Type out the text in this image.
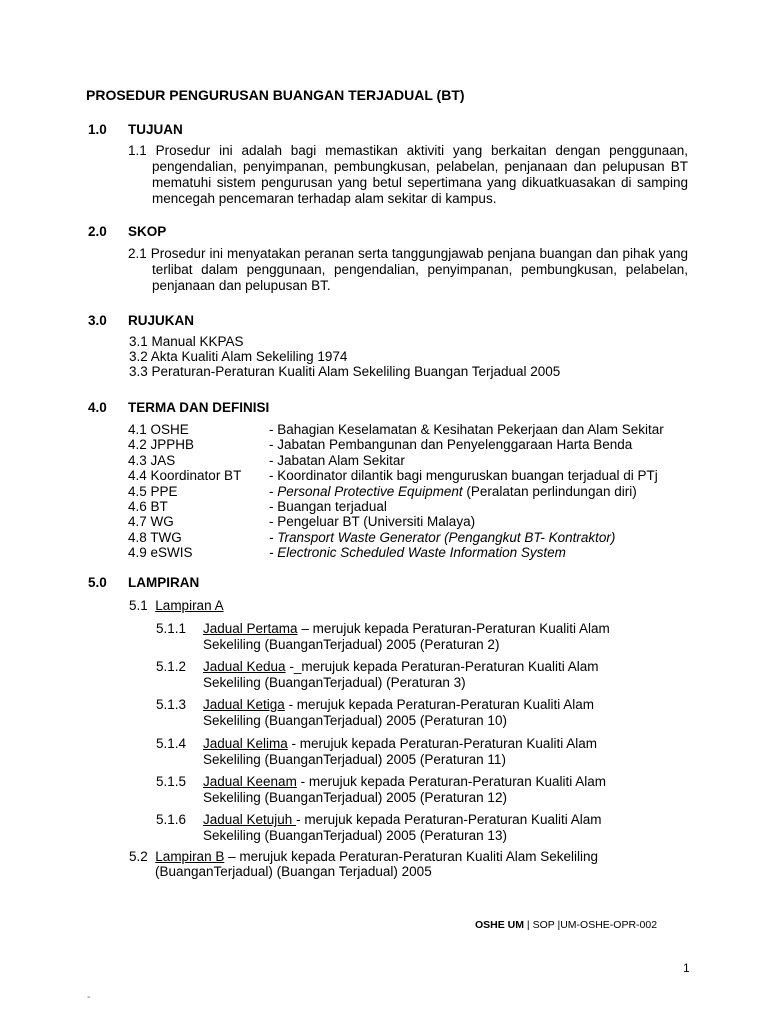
PROSEDUR PENGURUSAN BUANGAN TERJADUAL (BT)
1.0 TUJUAN
1.1 Prosedur ini adalah bagi memastikan aktiviti yang berkaitan dengan penggunaan, pengendalian, penyimpanan, pembungkusan, pelabelan, penjanaan dan pelupusan BT mematuhi sistem pengurusan yang betul sepertimana yang dikuatkuasakan di samping mencegah pencemaran terhadap alam sekitar di kampus.
2.0 SKOP
2.1 Prosedur ini menyatakan peranan serta tanggungjawab penjana buangan dan pihak yang terlibat dalam penggunaan, pengendalian, penyimpanan, pembungkusan, pelabelan, penjanaan dan pelupusan BT.
3.0 RUJUKAN
3.1 Manual KKPAS
3.2 Akta Kualiti Alam Sekeliling 1974
3.3 Peraturan-Peraturan Kualiti Alam Sekeliling Buangan Terjadual 2005
4.0 TERMA DAN DEFINISI
4.1 OSHE	- Bahagian Keselamatan & Kesihatan Pekerjaan dan Alam Sekitar
4.2 JPPHB	- Jabatan Pembangunan dan Penyelenggaraan Harta Benda
4.3 JAS	- Jabatan Alam Sekitar
4.4 Koordinator BT - Koordinator dilantik bagi menguruskan buangan terjadual di PTj
4.5 PPE	- Personal Protective Equipment (Peralatan perlindungan diri)
4.6 BT	- Buangan terjadual
4.7 WG	- Pengeluar BT (Universiti Malaya)
4.8 TWG	- Transport Waste Generator (Pengangkut BT- Kontraktor)
4.9 eSWIS	- Electronic Scheduled Waste Information System
5.0 LAMPIRAN
5.1 Lampiran A
5.1.1 Jadual Pertama – merujuk kepada Peraturan-Peraturan Kualiti Alam
Sekeliling (BuanganTerjadual) 2005 (Peraturan 2)
5.1.2 Jadual Kedua -_merujuk kepada Peraturan-Peraturan Kualiti Alam
Sekeliling (BuanganTerjadual) (Peraturan 3)
5.1.3 Jadual Ketiga - merujuk kepada Peraturan-Peraturan Kualiti Alam
Sekeliling (BuanganTerjadual) 2005 (Peraturan 10)
5.1.4 Jadual Kelima - merujuk kepada Peraturan-Peraturan Kualiti Alam
Sekeliling (BuanganTerjadual) 2005 (Peraturan 11)
5.1.5 Jadual Keenam - merujuk kepada Peraturan-Peraturan Kualiti Alam
Sekeliling (BuanganTerjadual) 2005 (Peraturan 12)
5.1.6 Jadual Ketujuh - merujuk kepada Peraturan-Peraturan Kualiti Alam
Sekeliling (BuanganTerjadual) 2005 (Peraturan 13)
5.2 Lampiran B – merujuk kepada Peraturan-Peraturan Kualiti Alam Sekeliling
(BuanganTerjadual) (Buangan Terjadual) 2005
OSHE UM | SOP |UM-OSHE-OPR-002
1
-
